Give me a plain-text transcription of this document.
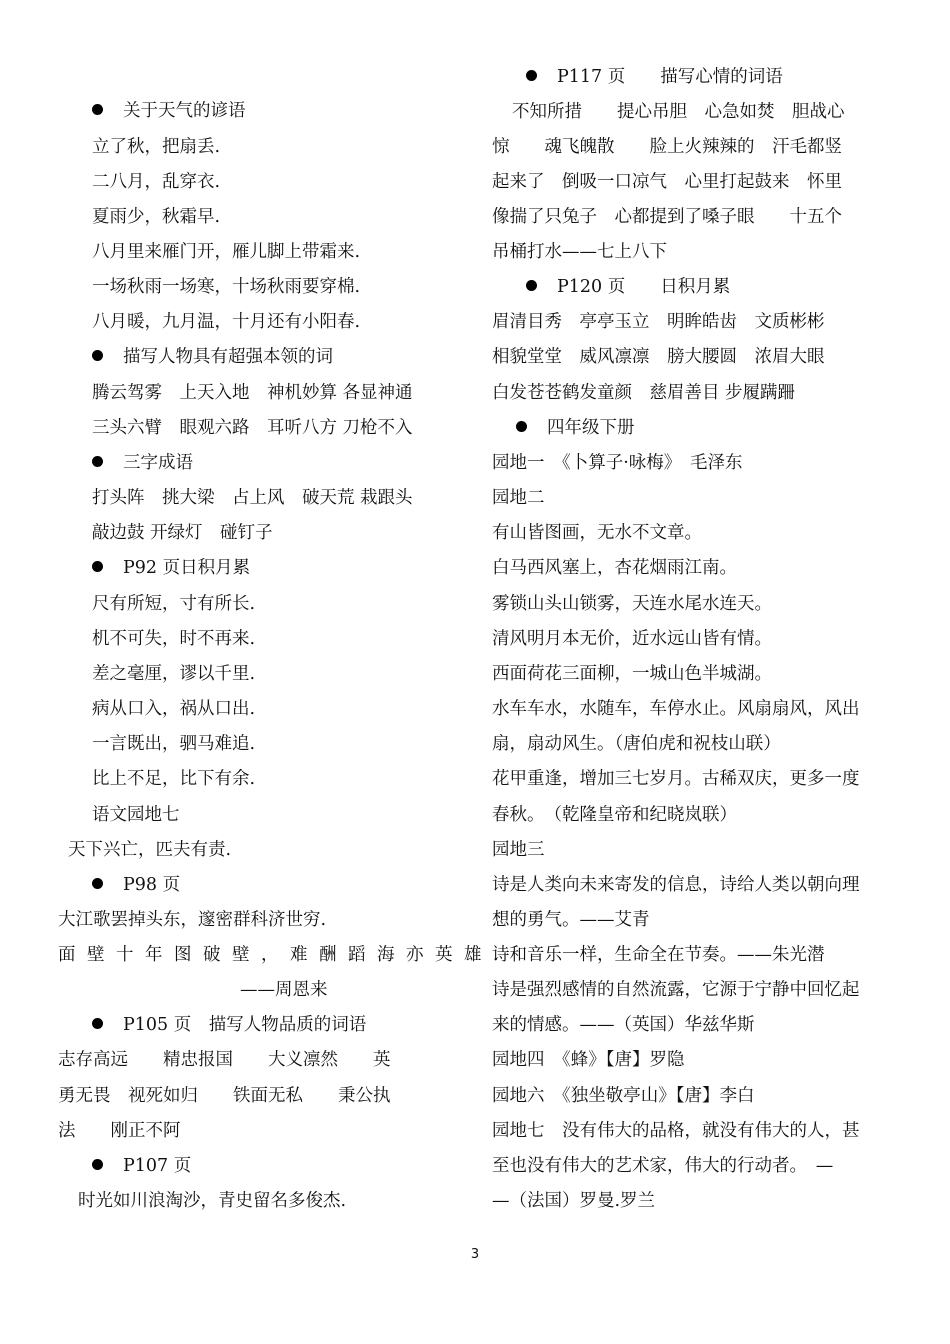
关于天气的谚语
立了秋，把扇丢.
二八月，乱穿衣.
夏雨少，秋霜早.
八月里来雁门开，雁儿脚上带霜来.
一场秋雨一场寒，十场秋雨要穿棉.
八月暖，九月温，十月还有小阳春.
描写人物具有超强本领的词
腾云驾雾　上天入地　神机妙算 各显神通
三头六臂　眼观六路　耳听八方 刀枪不入
三字成语
打头阵　挑大梁　占上风　破天荒 栽跟头
敲边鼓 开绿灯　碰钉子
P92 页日积月累
尺有所短，寸有所长.
机不可失，时不再来.
差之毫厘，谬以千里.
病从口入，祸从口出.
一言既出，驷马难追.
比上不足，比下有余.
语文园地七
天下兴亡，匹夫有责.
P98 页
大江歌罢掉头东，邃密群科济世穷.
面壁十年图破壁，难酬蹈海亦英雄.
——周恩来
P105 页　描写人物品质的词语
志存高远　　精忠报国　　大义凛然　　英
勇无畏　视死如归　　铁面无私　　秉公执
法　　刚正不阿
P107 页
时光如川浪淘沙，青史留名多俊杰.
P117 页　　描写心情的词语
不知所措　　提心吊胆　心急如焚　胆战心
惊　　魂飞魄散　　脸上火辣辣的　汗毛都竖
起来了　倒吸一口凉气　心里打起鼓来　怀里
像揣了只兔子　心都提到了嗓子眼　　十五个
吊桶打水——七上八下
P120 页　　日积月累
眉清目秀　亭亭玉立　明眸皓齿　文质彬彬
相貌堂堂　威风凛凛　膀大腰圆　浓眉大眼
白发苍苍鹤发童颜　慈眉善目 步履蹒跚
四年级下册
园地一　《卜算子·咏梅》　毛泽东
园地二
有山皆图画，无水不文章。
白马西风塞上，杏花烟雨江南。
雾锁山头山锁雾，天连水尾水连天。
清风明月本无价，近水远山皆有情。
西面荷花三面柳，一城山色半城湖。
水车车水，水随车，车停水止。风扇扇风，风出
扇，扇动风生。（唐伯虎和祝枝山联）
花甲重逢，增加三七岁月。古稀双庆，更多一度
春秋。　（乾隆皇帝和纪晓岚联）
园地三
诗是人类向未来寄发的信息，诗给人类以朝向理
想的勇气。——艾青
诗和音乐一样，生命全在节奏。——朱光潜
诗是强烈感情的自然流露，它源于宁静中回忆起
来的情感。——（英国）华兹华斯
园地四　《蜂》【唐】罗隐
园地六　《独坐敬亭山》【唐】李白
园地七　没有伟大的品格，就没有伟大的人，甚
至也没有伟大的艺术家，伟大的行动者。　—
—（法国）罗曼.罗兰
3
